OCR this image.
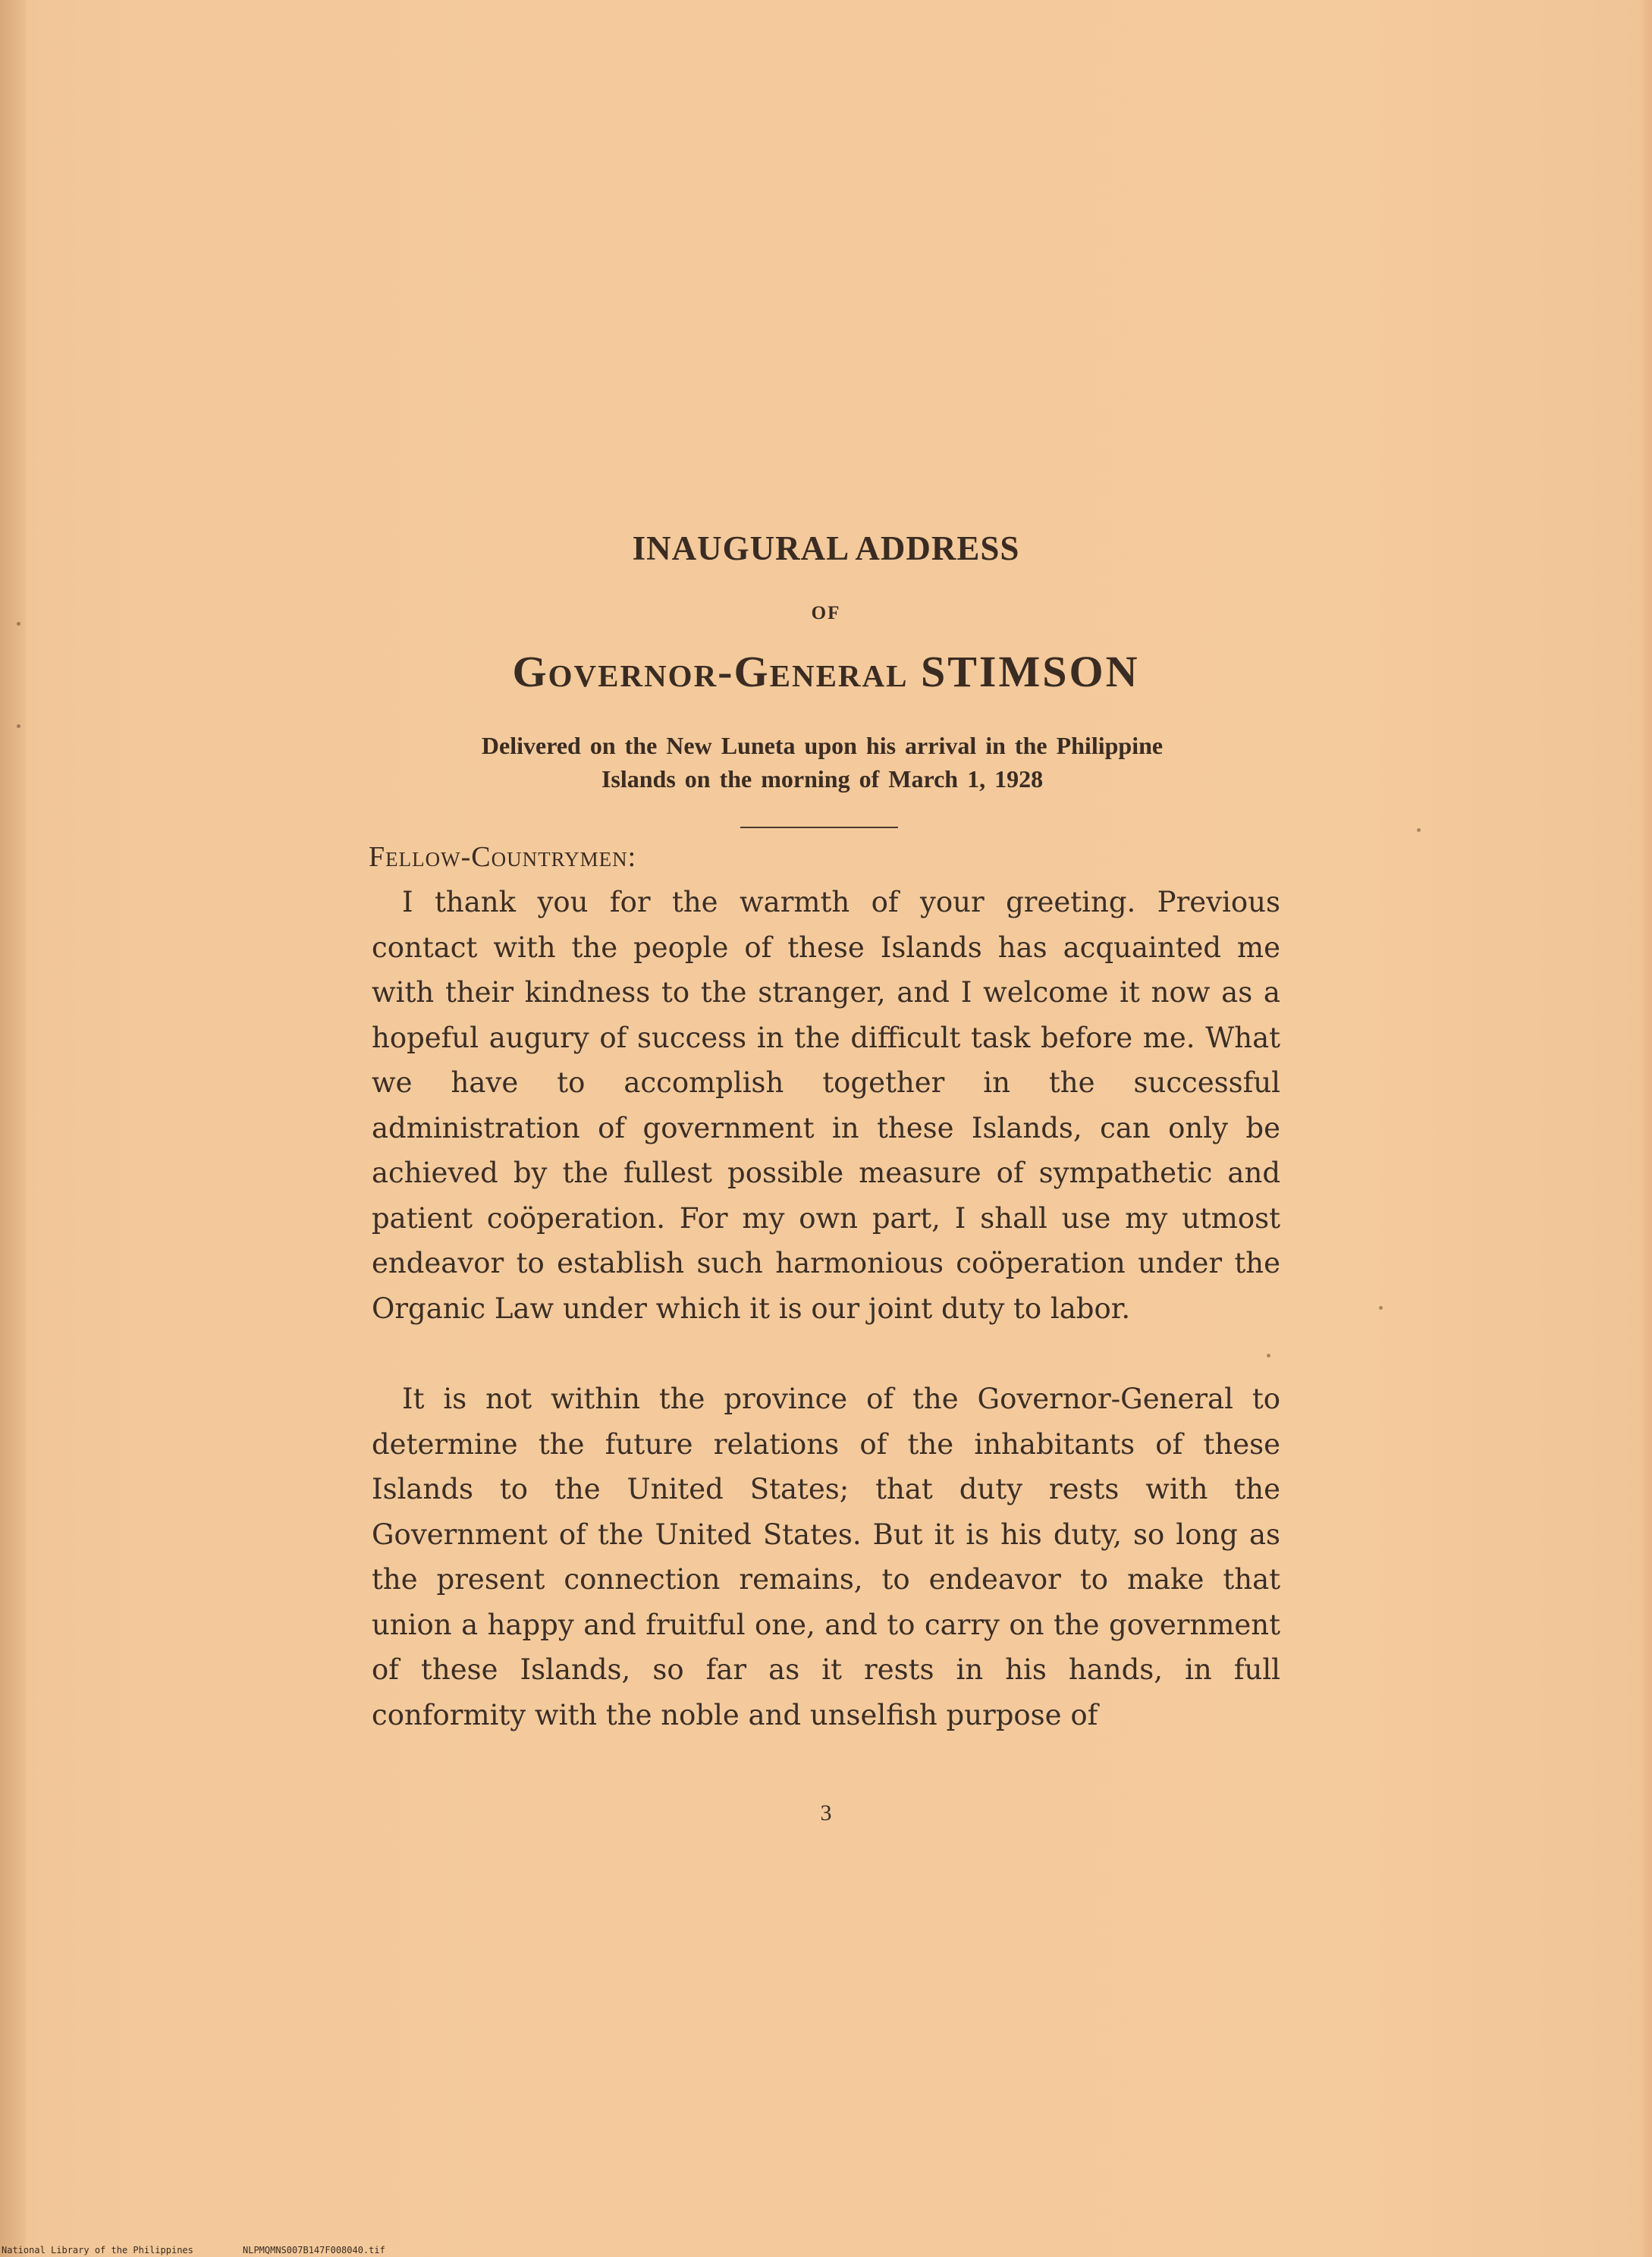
INAUGURAL ADDRESS
OF
Governor-General STIMSON
Delivered on the New Luneta upon his arrival in the Philippine
Islands on the morning of March 1, 1928
Fellow-Countrymen:

I thank you for the warmth of your greeting. Previous contact with the people of these Islands has acquainted me with their kindness to the stranger, and I welcome it now as a hopeful augury of success in the difficult task before me. What we have to accomplish together in the successful administration of government in these Islands, can only be achieved by the fullest possible measure of sympathetic and patient coöperation. For my own part, I shall use my utmost endeavor to establish such harmonious coöperation under the Organic Law under which it is our joint duty to labor.

It is not within the province of the Governor-General to determine the future relations of the inhabitants of these Islands to the United States; that duty rests with the Government of the United States. But it is his duty, so long as the present connection remains, to endeavor to make that union a happy and fruitful one, and to carry on the government of these Islands, so far as it rests in his hands, in full conformity with the noble and unselfish purpose of

3
National Library of the Philippines	NLPMQMNS007B147F008040.tif
